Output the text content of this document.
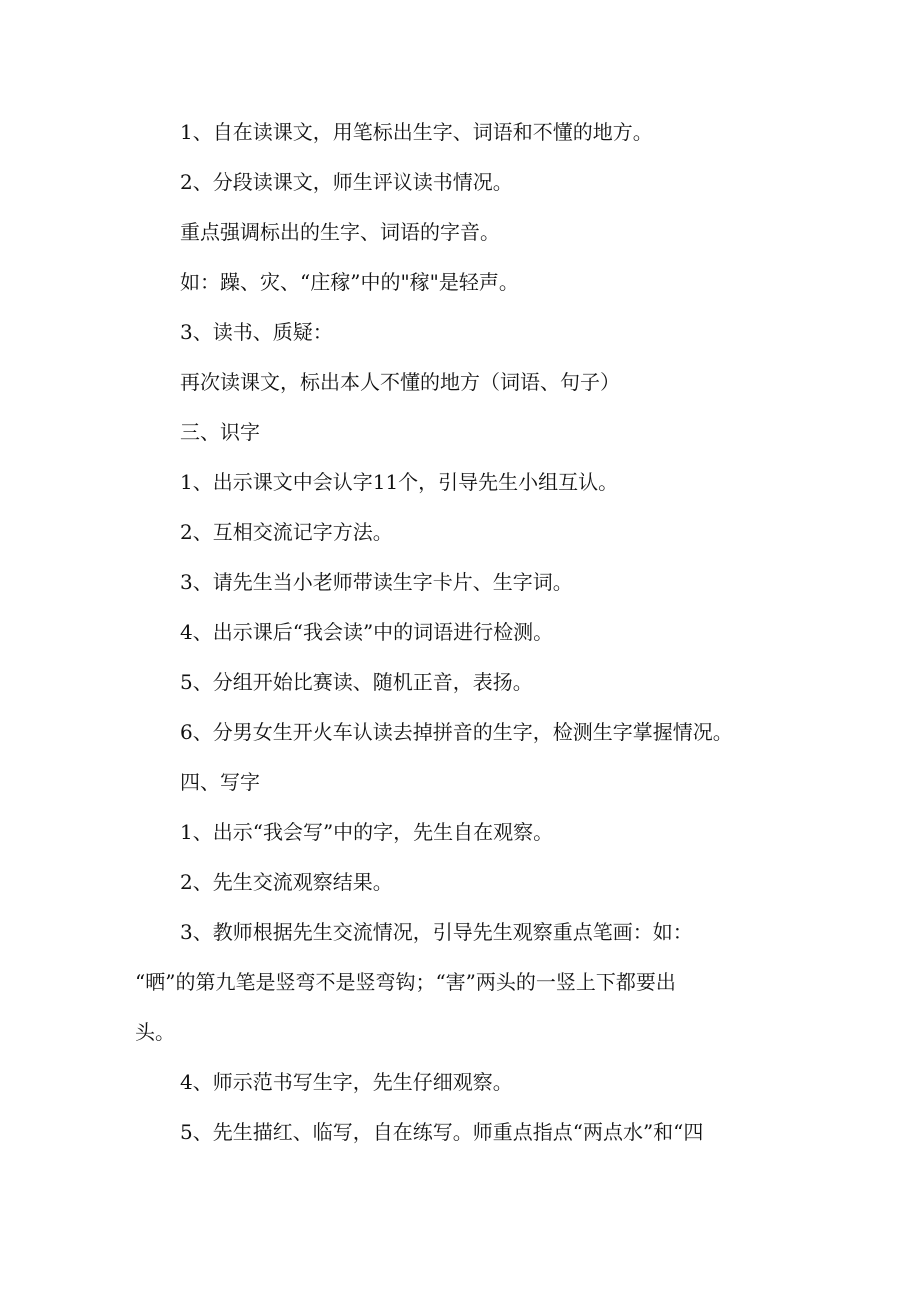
1、自在读课文，用笔标出生字、词语和不懂的地方。

2、分段读课文，师生评议读书情况。

重点强调标出的生字、词语的字音。

如：躁、灾、“庄稼”中的"稼"是轻声。

3、读书、质疑：

再次读课文，标出本人不懂的地方（词语、句子）

三、识字

1、出示课文中会认字11个，引导先生小组互认。

2、互相交流记字方法。

3、请先生当小老师带读生字卡片、生字词。

4、出示课后“我会读”中的词语进行检测。

5、分组开始比赛读、随机正音，表扬。

6、分男女生开火车认读去掉拼音的生字，检测生字掌握情况。

四、写字

1、出示“我会写”中的字，先生自在观察。

2、先生交流观察结果。

3、教师根据先生交流情况，引导先生观察重点笔画：如：
“晒”的第九笔是竖弯不是竖弯钩；“害”两头的一竖上下都要出
头。

4、师示范书写生字，先生仔细观察。

5、先生描红、临写，自在练写。师重点指点“两点水”和“四
